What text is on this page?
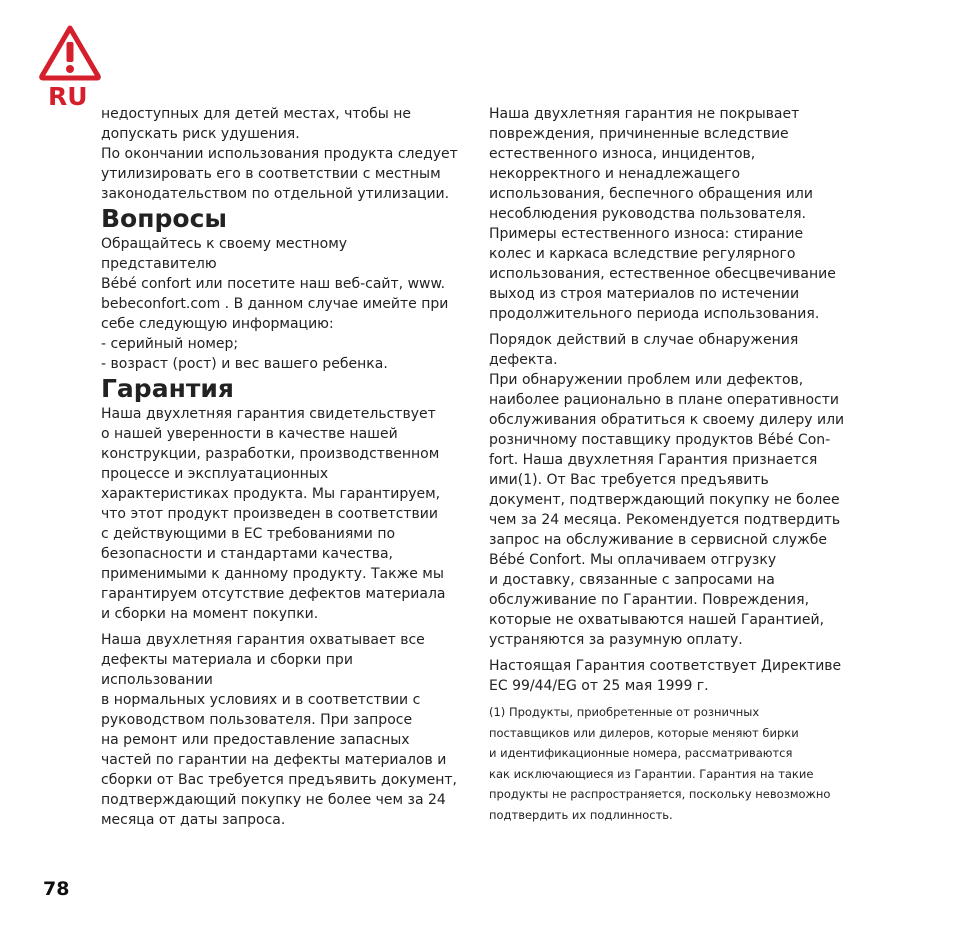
RU

недоступных для детей местах, чтобы не
допускать риск удушения.
По окончании использования продукта следует
утилизировать его в соответствии с местным
законодательством по отдельной утилизации.

Вопросы

Обращайтесь к своему местному представителю
Bébé confort или посетите наш веб-сайт, www.
bebeconfort.com . В данном случае имейте при
себе следующую информацию:
- серийный номер;
- возраст (рост) и вес вашего ребенка.

Гарантия

Наша двухлетняя гарантия свидетельствует
о нашей уверенности в качестве нашей
конструкции, разработки, производственном
процессе и эксплуатационных
характеристиках продукта. Мы гарантируем,
что этот продукт произведен в соответствии
с действующими в ЕС требованиями по
безопасности и стандартами качества,
применимыми к данному продукту. Также мы
гарантируем отсутствие дефектов материала
и сборки на момент покупки.

Наша двухлетняя гарантия охватывает все
дефекты материала и сборки при использовании
в нормальных условиях и в соответствии с
руководством пользователя. При запросе
на ремонт или предоставление запасных
частей по гарантии на дефекты материалов и
сборки от Вас требуется предъявить документ,
подтверждающий покупку не более чем за 24
месяца от даты запроса.

Наша двухлетняя гарантия не покрывает
повреждения, причиненные вследствие
естественного износа, инцидентов,
некорректного и ненадлежащего
использования, беспечного обращения или
несоблюдения руководства пользователя.
Примеры естественного износа: стирание
колес и каркаса вследствие регулярного
использования, естественное обесцвечивание
выход из строя материалов по истечении
продолжительного периода использования.

Порядок действий в случае обнаружения
дефекта.
При обнаружении проблем или дефектов,
наиболее рационально в плане оперативности
обслуживания обратиться к своему дилеру или
розничному поставщику продуктов Bébé Con-
fort. Наша двухлетняя Гарантия признается
ими(1). От Вас требуется предъявить
документ, подтверждающий покупку не более
чем за 24 месяца. Рекомендуется подтвердить
запрос на обслуживание в сервисной службе
Bébé Confort. Мы оплачиваем отгрузку
и доставку, связанные с запросами на
обслуживание по Гарантии. Повреждения,
которые не охватываются нашей Гарантией,
устраняются за разумную оплату.

Настоящая Гарантия соответствует Директиве
ЕС 99/44/EG от 25 мая 1999 г.

(1) Продукты, приобретенные от розничных
поставщиков или дилеров, которые меняют бирки
и идентификационные номера, рассматриваются
как исключающиеся из Гарантии. Гарантия на такие
продукты не распространяется, поскольку невозможно
подтвердить их подлинность.

78
